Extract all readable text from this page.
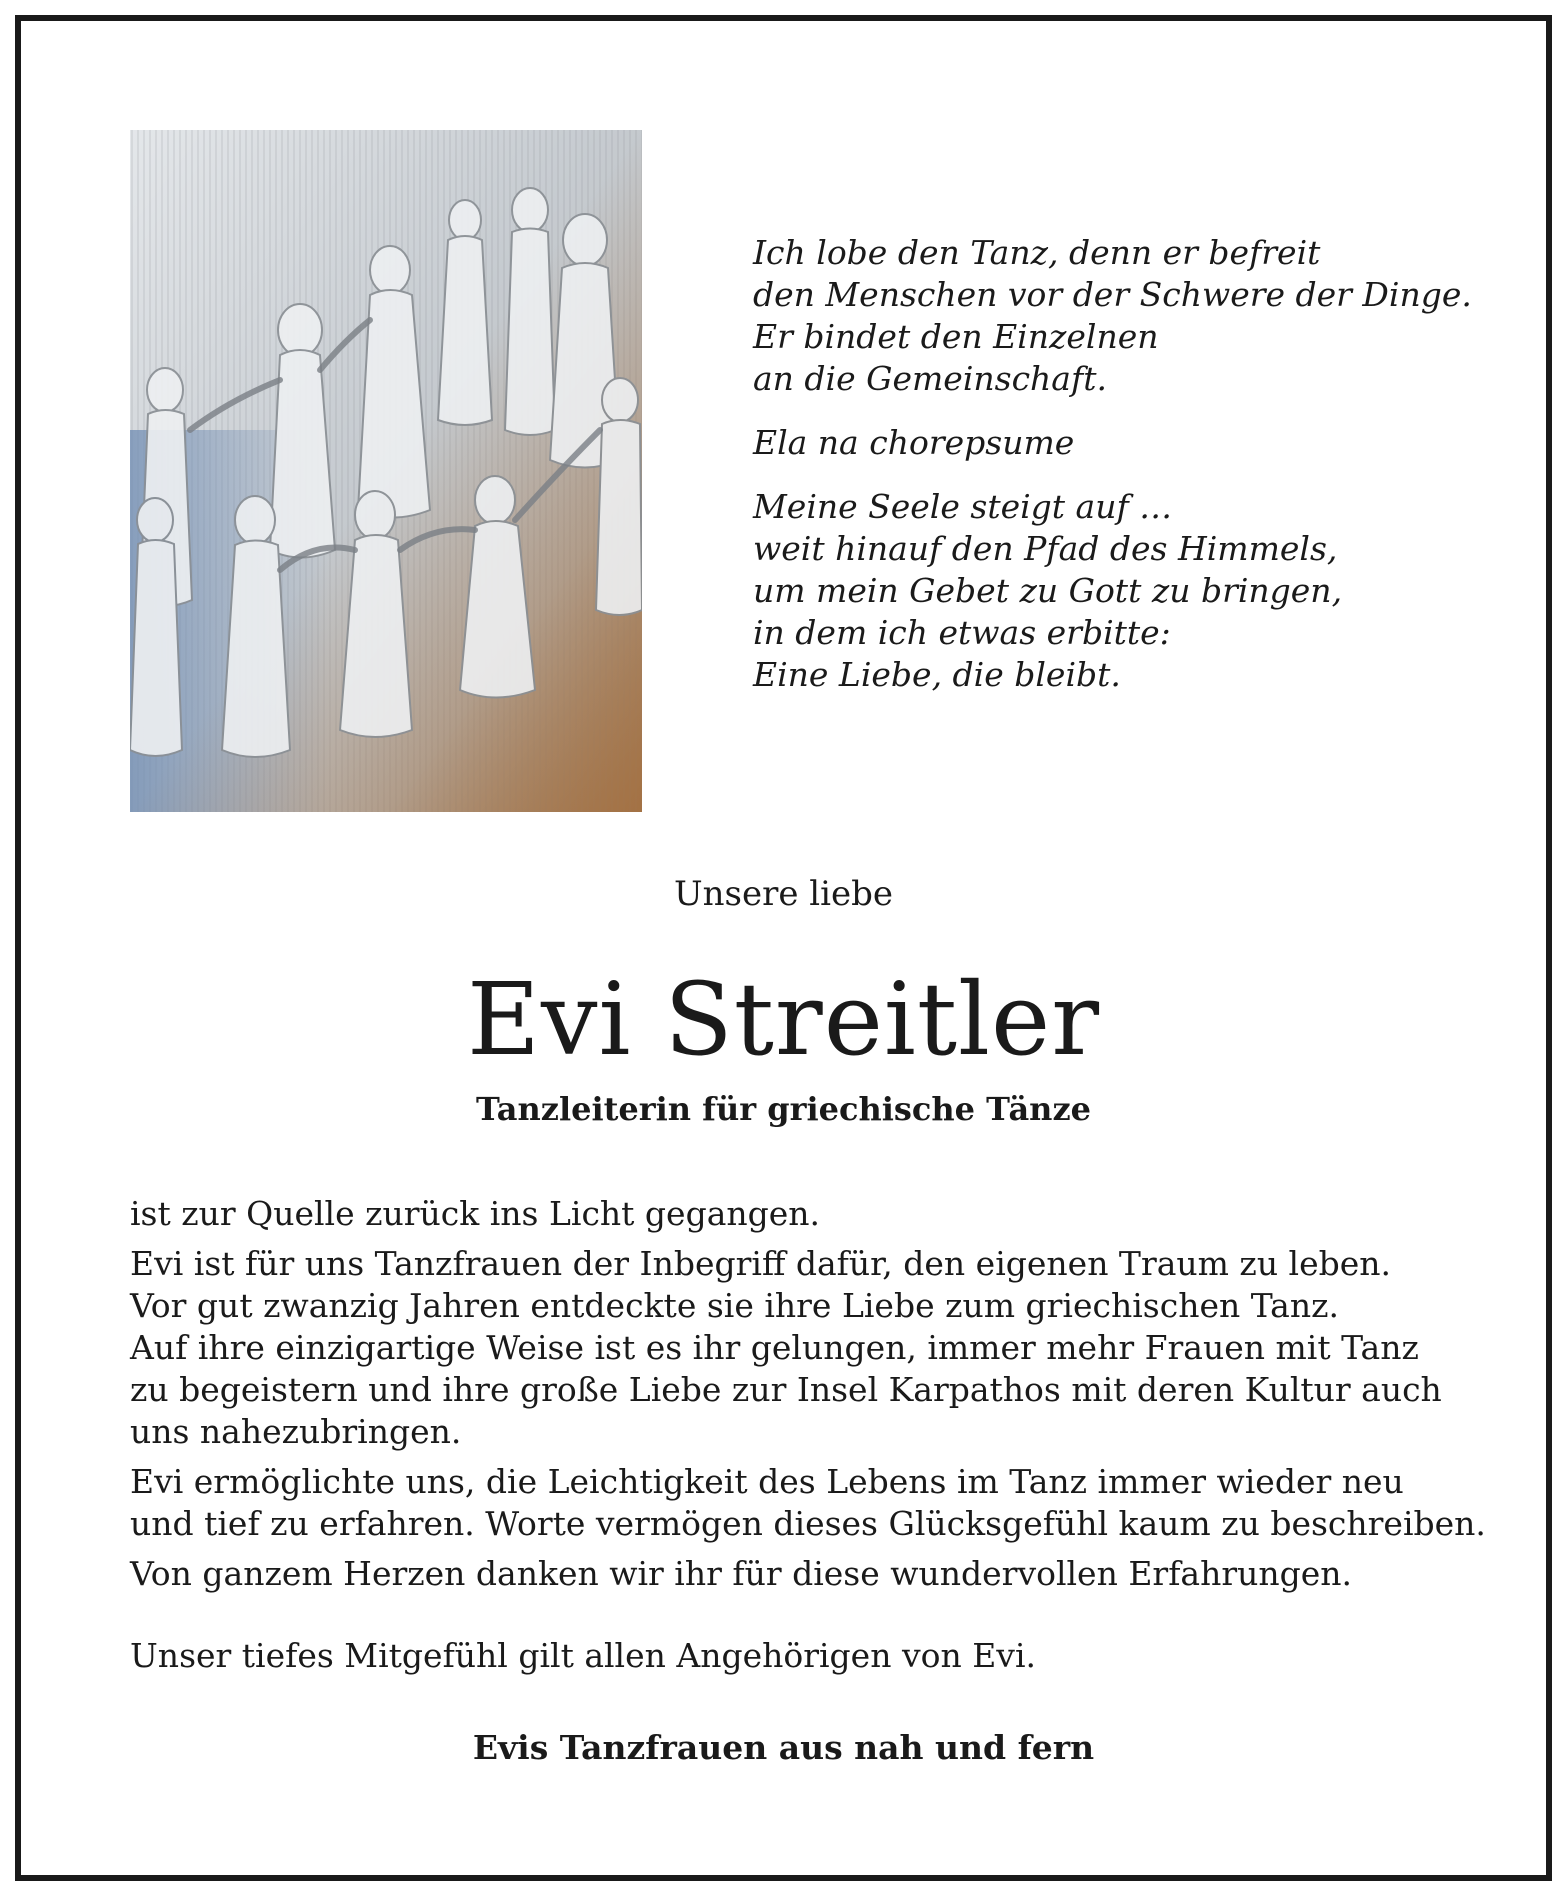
Ich lobe den Tanz, denn er befreit
den Menschen vor der Schwere der Dinge.
Er bindet den Einzelnen
an die Gemeinschaft.
Ela na chorepsume
Meine Seele steigt auf …
weit hinauf den Pfad des Himmels,
um mein Gebet zu Gott zu bringen,
in dem ich etwas erbitte:
Eine Liebe, die bleibt.
Unsere liebe
Evi Streitler
Tanzleiterin für griechische Tänze

ist zur Quelle zurück ins Licht gegangen.

Evi ist für uns Tanzfrauen der Inbegriff dafür, den eigenen Traum zu leben.
Vor gut zwanzig Jahren entdeckte sie ihre Liebe zum griechischen Tanz.
Auf ihre einzigartige Weise ist es ihr gelungen, immer mehr Frauen mit Tanz
zu begeistern und ihre große Liebe zur Insel Karpathos mit deren Kultur auch
uns nahezubringen.

Evi ermöglichte uns, die Leichtigkeit des Lebens im Tanz immer wieder neu
und tief zu erfahren. Worte vermögen dieses Glücksgefühl kaum zu beschreiben.

Von ganzem Herzen danken wir ihr für diese wundervollen Erfahrungen.

Unser tiefes Mitgefühl gilt allen Angehörigen von Evi.

Evis Tanzfrauen aus nah und fern
